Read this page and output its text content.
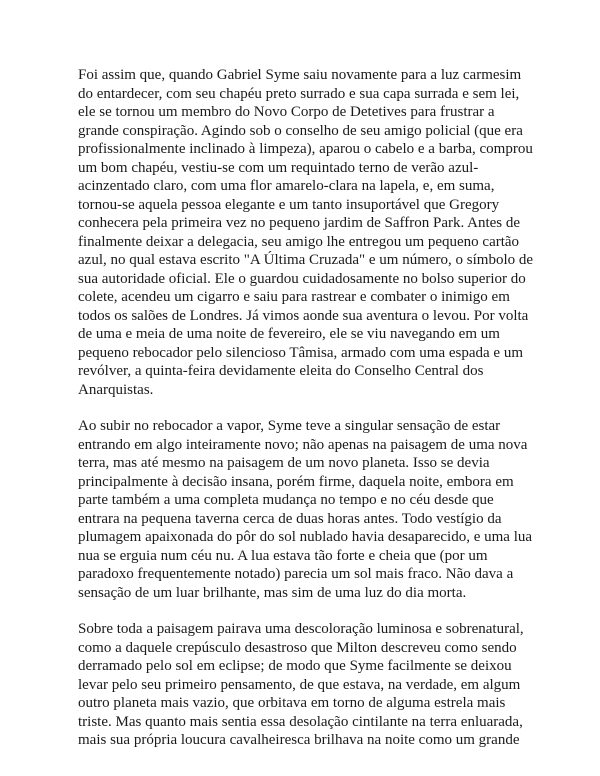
Foi assim que, quando Gabriel Syme saiu novamente para a luz carmesim
do entardecer, com seu chapéu preto surrado e sua capa surrada e sem lei,
ele se tornou um membro do Novo Corpo de Detetives para frustrar a
grande conspiração. Agindo sob o conselho de seu amigo policial (que era
profissionalmente inclinado à limpeza), aparou o cabelo e a barba, comprou
um bom chapéu, vestiu-se com um requintado terno de verão azul-
acinzentado claro, com uma flor amarelo-clara na lapela, e, em suma,
tornou-se aquela pessoa elegante e um tanto insuportável que Gregory
conhecera pela primeira vez no pequeno jardim de Saffron Park. Antes de
finalmente deixar a delegacia, seu amigo lhe entregou um pequeno cartão
azul, no qual estava escrito "A Última Cruzada" e um número, o símbolo de
sua autoridade oficial. Ele o guardou cuidadosamente no bolso superior do
colete, acendeu um cigarro e saiu para rastrear e combater o inimigo em
todos os salões de Londres. Já vimos aonde sua aventura o levou. Por volta
de uma e meia de uma noite de fevereiro, ele se viu navegando em um
pequeno rebocador pelo silencioso Tâmisa, armado com uma espada e um
revólver, a quinta-feira devidamente eleita do Conselho Central dos
Anarquistas.

Ao subir no rebocador a vapor, Syme teve a singular sensação de estar
entrando em algo inteiramente novo; não apenas na paisagem de uma nova
terra, mas até mesmo na paisagem de um novo planeta. Isso se devia
principalmente à decisão insana, porém firme, daquela noite, embora em
parte também a uma completa mudança no tempo e no céu desde que
entrara na pequena taverna cerca de duas horas antes. Todo vestígio da
plumagem apaixonada do pôr do sol nublado havia desaparecido, e uma lua
nua se erguia num céu nu. A lua estava tão forte e cheia que (por um
paradoxo frequentemente notado) parecia um sol mais fraco. Não dava a
sensação de um luar brilhante, mas sim de uma luz do dia morta.

Sobre toda a paisagem pairava uma descoloração luminosa e sobrenatural,
como a daquele crepúsculo desastroso que Milton descreveu como sendo
derramado pelo sol em eclipse; de modo que Syme facilmente se deixou
levar pelo seu primeiro pensamento, de que estava, na verdade, em algum
outro planeta mais vazio, que orbitava em torno de alguma estrela mais
triste. Mas quanto mais sentia essa desolação cintilante na terra enluarada,
mais sua própria loucura cavalheiresca brilhava na noite como um grande
